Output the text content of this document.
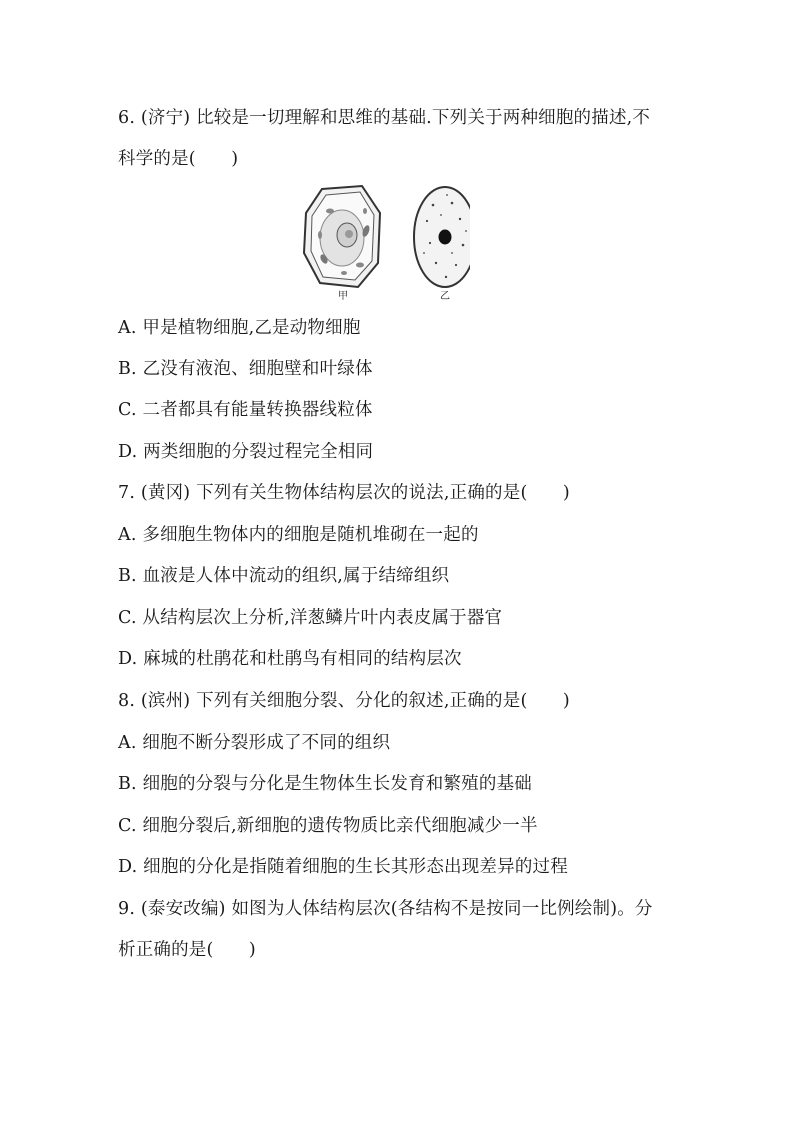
6. (济宁) 比较是一切理解和思维的基础.下列关于两种细胞的描述,不
科学的是(　　)
甲	乙
A. 甲是植物细胞,乙是动物细胞
B. 乙没有液泡、细胞壁和叶绿体
C. 二者都具有能量转换器线粒体
D. 两类细胞的分裂过程完全相同
7. (黄冈) 下列有关生物体结构层次的说法,正确的是(　　)
A. 多细胞生物体内的细胞是随机堆砌在一起的
B. 血液是人体中流动的组织,属于结缔组织
C. 从结构层次上分析,洋葱鳞片叶内表皮属于器官
D. 麻城的杜鹃花和杜鹃鸟有相同的结构层次
8. (滨州) 下列有关细胞分裂、分化的叙述,正确的是(　　)
A. 细胞不断分裂形成了不同的组织
B. 细胞的分裂与分化是生物体生长发育和繁殖的基础
C. 细胞分裂后,新细胞的遗传物质比亲代细胞减少一半
D. 细胞的分化是指随着细胞的生长其形态出现差异的过程
9. (泰安改编) 如图为人体结构层次(各结构不是按同一比例绘制)。分
析正确的是(　　)
